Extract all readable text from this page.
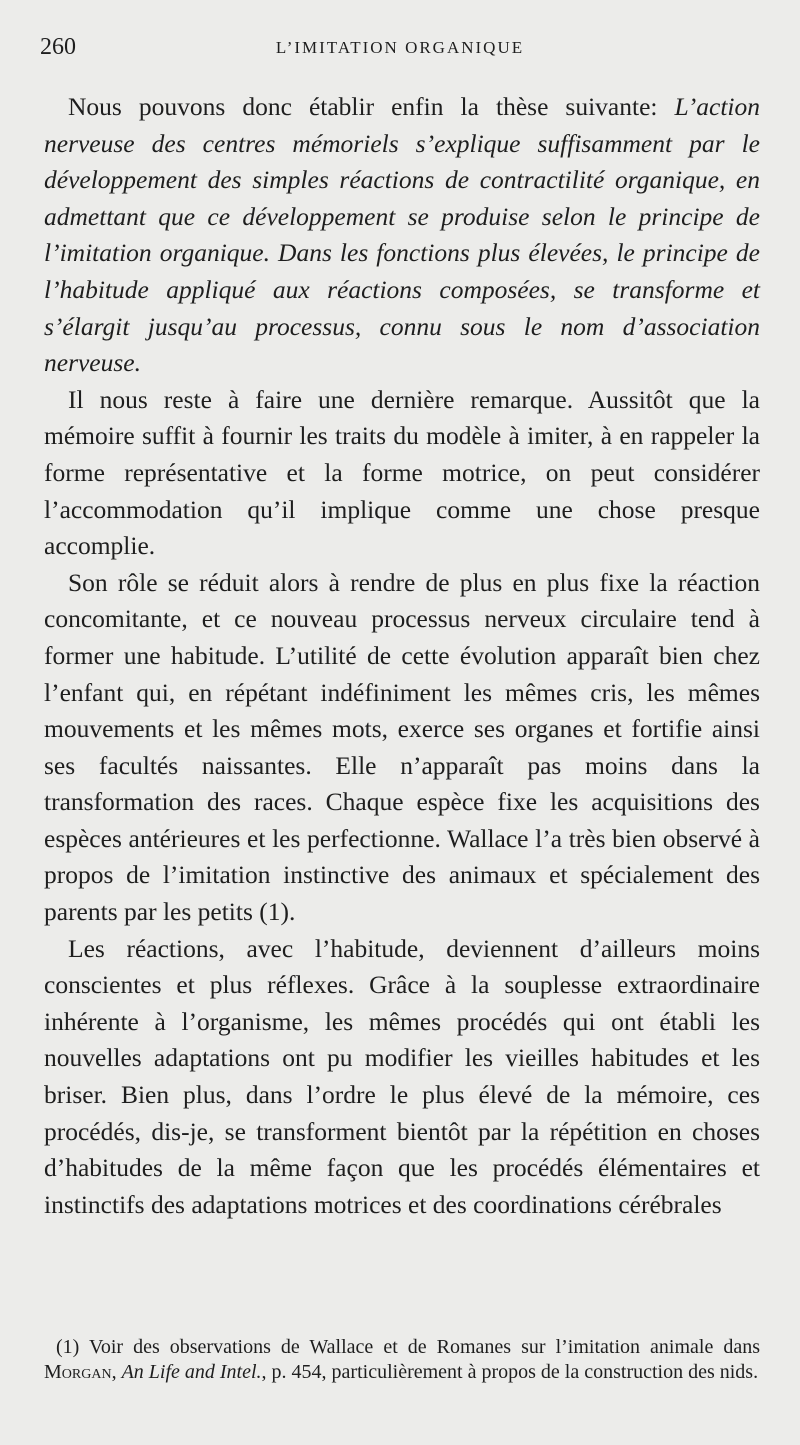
260	L’IMITATION ORGANIQUE

Nous pouvons donc établir enfin la thèse suivante: L’action nerveuse des centres mémoriels s’explique suffisamment par le développement des simples réactions de contractilité organique, en admettant que ce développement se produise selon le principe de l’imitation organique. Dans les fonctions plus élevées, le principe de l’habitude appliqué aux réactions composées, se transforme et s’élargit jusqu’au processus, connu sous le nom d’association nerveuse.

Il nous reste à faire une dernière remarque. Aussitôt que la mémoire suffit à fournir les traits du modèle à imiter, à en rappeler la forme représentative et la forme motrice, on peut considérer l’accommodation qu’il implique comme une chose presque accomplie.

Son rôle se réduit alors à rendre de plus en plus fixe la réaction concomitante, et ce nouveau processus nerveux circulaire tend à former une habitude. L’utilité de cette évolution apparaît bien chez l’enfant qui, en répétant indéfiniment les mêmes cris, les mêmes mouvements et les mêmes mots, exerce ses organes et fortifie ainsi ses facultés naissantes. Elle n’apparaît pas moins dans la transformation des races. Chaque espèce fixe les acquisitions des espèces antérieures et les perfectionne. Wallace l’a très bien observé à propos de l’imitation instinctive des animaux et spécialement des parents par les petits (1).

Les réactions, avec l’habitude, deviennent d’ailleurs moins conscientes et plus réflexes. Grâce à la souplesse extraordinaire inhérente à l’organisme, les mêmes procédés qui ont établi les nouvelles adaptations ont pu modifier les vieilles habitudes et les briser. Bien plus, dans l’ordre le plus élevé de la mémoire, ces procédés, dis-je, se transforment bientôt par la répétition en choses d’habitudes de la même façon que les procédés élémentaires et instinctifs des adaptations motrices et des coordinations cérébrales

(1) Voir des observations de Wallace et de Romanes sur l’imitation animale dans Morgan, An Life and Intel., p. 454, particulièrement à propos de la construction des nids.
